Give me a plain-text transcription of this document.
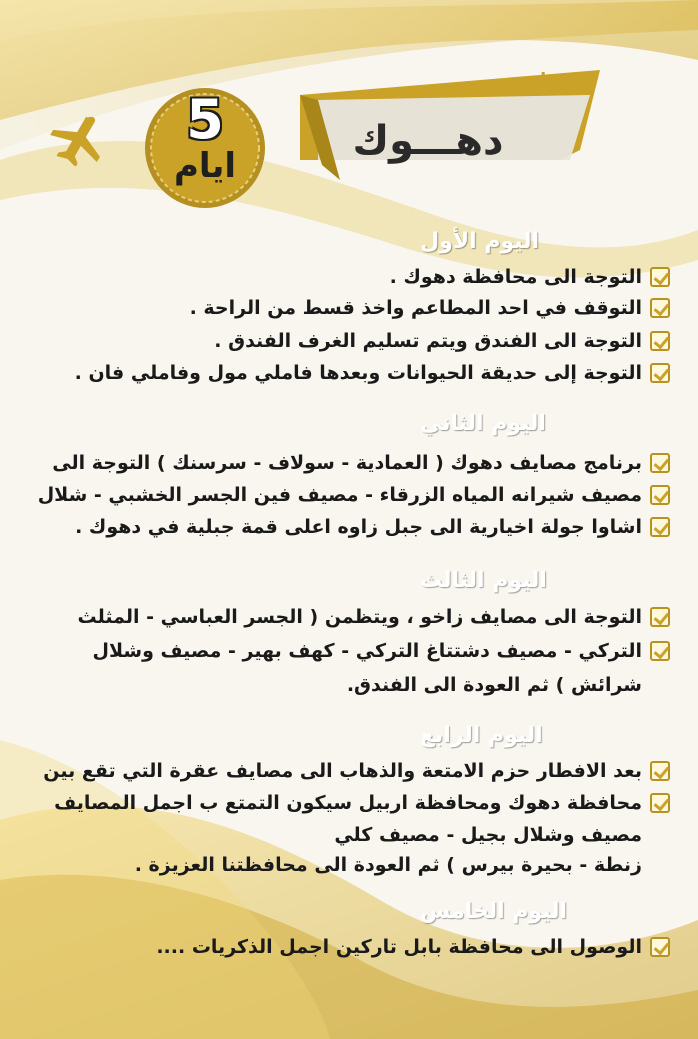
برنامــج
دهـــوك
5
ايام
اليوم الأول
التوجة الى محافظة دهوك .
التوقف في احد المطاعم واخذ قسط من الراحة .
التوجة الى الفندق ويتم تسليم الغرف الفندق .
التوجة إلى حديقة الحيوانات وبعدها فاملي مول وفاملي فان .
اليوم الثاني
برنامج مصايف دهوك ( العمادية - سولاف - سرسنك ) التوجة الى
مصيف شيرانه المياه الزرقاء - مصيف فين الجسر الخشبي - شلال
اشاوا جولة اخيارية الى جبل زاوه اعلى قمة جبلية في دهوك .
اليوم الثالث
التوجة الى مصايف زاخو ، ويتظمن ( الجسر العباسي - المثلث
التركي - مصيف دشتتاغ التركي - كهف بهير - مصيف وشلال
شرائش ) ثم العودة الى الفندق.
اليوم الرابع
بعد الافطار حزم الامتعة والذهاب الى مصايف عقرة التي تقع بين
محافظة دهوك ومحافظة اربيل سيكون التمتع ب اجمل المصايف
مصيف وشلال بجيل - مصيف كلي
زنطة - بحيرة بيرس ) ثم العودة الى محافظتنا العزيزة .
اليوم الخامس
الوصول الى محافظة بابل تاركين اجمل الذكريات ....
